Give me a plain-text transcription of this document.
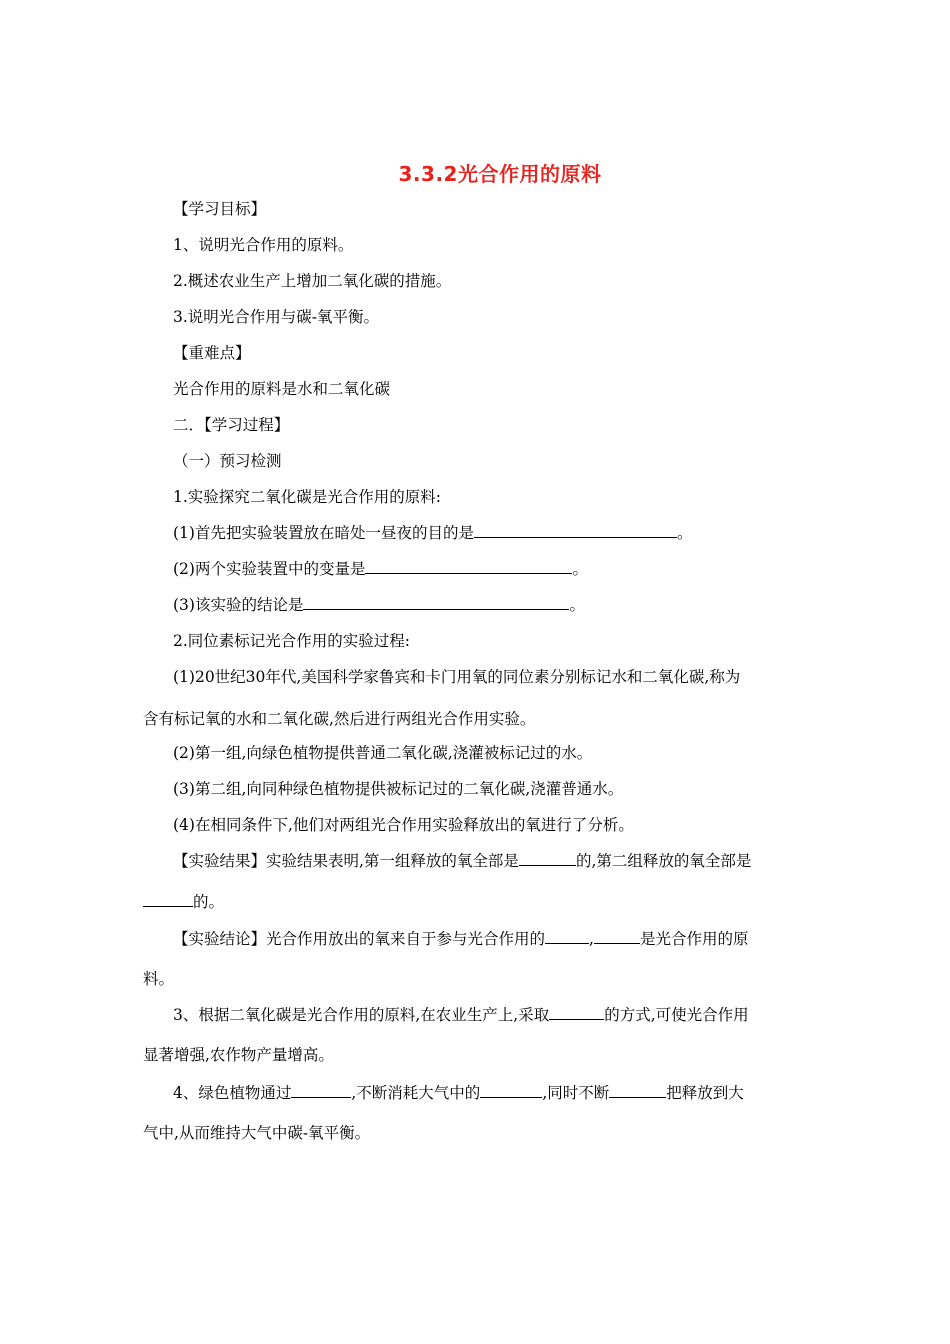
3.3.2光合作用的原料
【学习目标】
1、说明光合作用的原料。
2.概述农业生产上增加二氧化碳的措施。
3.说明光合作用与碳-氧平衡。
【重难点】
光合作用的原料是水和二氧化碳
二．【学习过程】
（一）预习检测
1.实验探究二氧化碳是光合作用的原料:
(1)首先把实验装置放在暗处一昼夜的目的是	。
(2)两个实验装置中的变量是	。
(3)该实验的结论是	。
2.同位素标记光合作用的实验过程:
(1)20世纪30年代,美国科学家鲁宾和卡门用氧的同位素分别标记水和二氧化碳,称为
含有标记氧的水和二氧化碳,然后进行两组光合作用实验。
(2)第一组,向绿色植物提供普通二氧化碳,浇灌被标记过的水。
(3)第二组,向同种绿色植物提供被标记过的二氧化碳,浇灌普通水。
(4)在相同条件下,他们对两组光合作用实验释放出的氧进行了分析。
【实验结果】实验结果表明,第一组释放的氧全部是	的,第二组释放的氧全部是
的。
【实验结论】光合作用放出的氧来自于参与光合作用的	,	是光合作用的原
料。
3、根据二氧化碳是光合作用的原料,在农业生产上,采取	的方式,可使光合作用
显著增强,农作物产量增高。
4、绿色植物通过	,不断消耗大气中的	,同时不断	把释放到大
气中,从而维持大气中碳-氧平衡。
